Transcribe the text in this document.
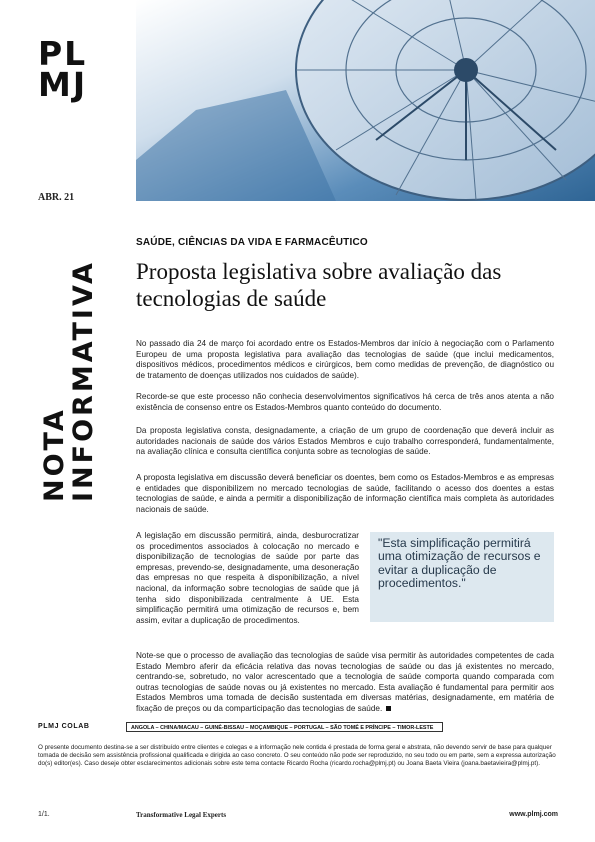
PL
MJ
ABR. 21
NOTA
INFORMATIVA
SAÚDE, CIÊNCIAS DA VIDA E FARMACÊUTICO
Proposta legislativa sobre avaliação das tecnologias de saúde

No passado dia 24 de março foi acordado entre os Estados-Membros dar início à negociação com o Parlamento Europeu de uma proposta legislativa para avaliação das tecnologias de saúde (que inclui medicamentos, dispositivos médicos, procedimentos médicos e cirúrgicos, bem como medidas de prevenção, de diagnóstico ou de tratamento de doenças utilizados nos cuidados de saúde).

Recorde-se que este processo não conhecia desenvolvimentos significativos há cerca de três anos atenta a não existência de consenso entre os Estados-Membros quanto conteúdo do documento.

Da proposta legislativa consta, designadamente, a criação de um grupo de coordenação que deverá incluir as autoridades nacionais de saúde dos vários Estados Membros e cujo trabalho corresponderá, fundamentalmente, na avaliação clínica e consulta científica conjunta sobre as tecnologias de saúde.

A proposta legislativa em discussão deverá beneficiar os doentes, bem como os Estados-Membros e as empresas e entidades que disponibilizem no mercado tecnologias de saúde, facilitando o acesso dos doentes a estas tecnologias de saúde, e ainda a permitir a disponibilização de informação científica mais completa às autoridades nacionais de saúde.

A legislação em discussão permitirá, ainda, desburocratizar os procedimentos associados à colocação no mercado e disponibilização de tecnologias de saúde por parte das empresas, prevendo-se, designadamente, uma desoneração das empresas no que respeita à disponibilização, a nível nacional, da informação sobre tecnologias de saúde que já tenha sido disponibilizada centralmente à UE. Esta simplificação permitirá uma otimização de recursos e, bem assim, evitar a duplicação de procedimentos.

"Esta simplificação permitirá uma otimização de recursos e evitar a duplicação de procedimentos."

Note-se que o processo de avaliação das tecnologias de saúde visa permitir às autoridades competentes de cada Estado Membro aferir da eficácia relativa das novas tecnologias de saúde ou das já existentes no mercado, centrando-se, sobretudo, no valor acrescentado que a tecnologia de saúde comporta quando comparada com outras tecnologias de saúde novas ou já existentes no mercado. Esta avaliação é fundamental para permitir aos Estados Membros uma tomada de decisão sustentada em diversas matérias, designadamente, em matéria de fixação de preços ou da comparticipação das tecnologias de saúde.
PLMJ COLAB	ANGOLA – CHINA/MACAU – GUINÉ-BISSAU – MOÇAMBIQUE – PORTUGAL – SÃO TOMÉ E PRÍNCIPE – TIMOR-LESTE

O presente documento destina-se a ser distribuído entre clientes e colegas e a informação nele contida é prestada de forma geral e abstrata, não devendo servir de base para qualquer tomada de decisão sem assistência profissional qualificada e dirigida ao caso concreto. O seu conteúdo não pode ser reproduzido, no seu todo ou em parte, sem a expressa autorização do(s) editor(es). Caso deseje obter esclarecimentos adicionais sobre este tema contacte Ricardo Rocha (ricardo.rocha@plmj.pt) ou Joana Baeta Vieira (joana.baetavieira@plmj.pt).

1/1.	Transformative Legal Experts	www.plmj.com
